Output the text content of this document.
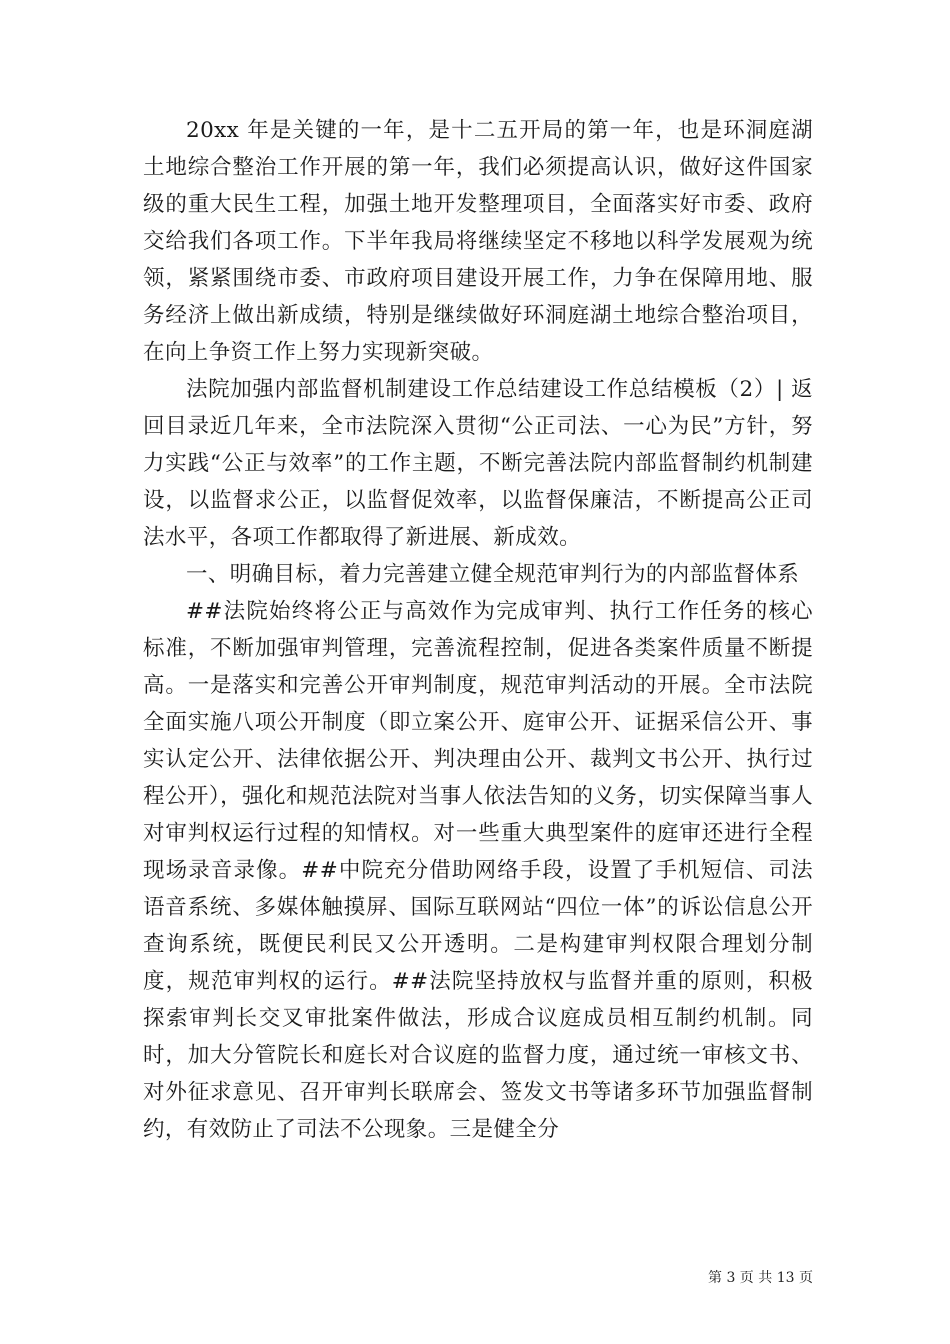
20xx 年是关键的一年，是十二五开局的第一年，也是环洞庭湖土地综合整治工作开展的第一年，我们必须提高认识，做好这件国家级的重大民生工程，加强土地开发整理项目，全面落实好市委、政府交给我们各项工作。下半年我局将继续坚定不移地以科学发展观为统领，紧紧围绕市委、市政府项目建设开展工作，力争在保障用地、服务经济上做出新成绩，特别是继续做好环洞庭湖土地综合整治项目，在向上争资工作上努力实现新突破。

法院加强内部监督机制建设工作总结建设工作总结模板（2）| 返回目录近几年来，全市法院深入贯彻“公正司法、一心为民”方针，努力实践“公正与效率”的工作主题，不断完善法院内部监督制约机制建设，以监督求公正，以监督促效率，以监督保廉洁，不断提高公正司法水平，各项工作都取得了新进展、新成效。

一、明确目标，着力完善建立健全规范审判行为的内部监督体系

##法院始终将公正与高效作为完成审判、执行工作任务的核心标准，不断加强审判管理，完善流程控制，促进各类案件质量不断提高。一是落实和完善公开审判制度，规范审判活动的开展。全市法院全面实施八项公开制度（即立案公开、庭审公开、证据采信公开、事实认定公开、法律依据公开、判决理由公开、裁判文书公开、执行过程公开），强化和规范法院对当事人依法告知的义务，切实保障当事人对审判权运行过程的知情权。对一些重大典型案件的庭审还进行全程现场录音录像。##中院充分借助网络手段，设置了手机短信、司法语音系统、多媒体触摸屏、国际互联网站“四位一体”的诉讼信息公开查询系统，既便民利民又公开透明。二是构建审判权限合理划分制度，规范审判权的运行。##法院坚持放权与监督并重的原则，积极探索审判长交叉审批案件做法，形成合议庭成员相互制约机制。同时，加大分管院长和庭长对合议庭的监督力度，通过统一审核文书、对外征求意见、召开审判长联席会、签发文书等诸多环节加强监督制约，有效防止了司法不公现象。三是健全分

第 3 页 共 13 页
